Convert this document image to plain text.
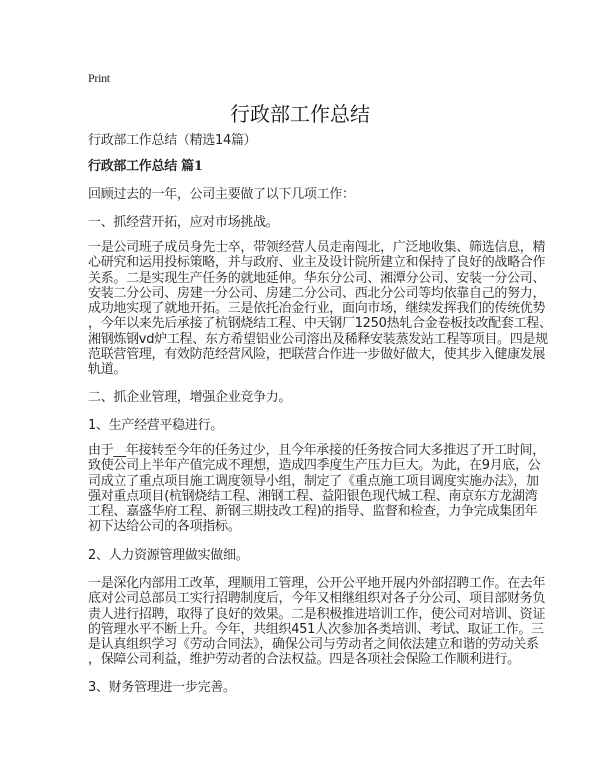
Print
行政部工作总结
行政部工作总结（精选14篇）
行政部工作总结 篇1
回顾过去的一年，公司主要做了以下几项工作：
一、抓经营开拓，应对市场挑战。
一是公司班子成员身先士卒，带领经营人员走南闯北，广泛地收集、筛选信息，精
心研究和运用投标策略，并与政府、业主及设计院所建立和保持了良好的战略合作
关系。二是实现生产任务的就地延伸。华东分公司、湘潭分公司、安装一分公司、
安装二分公司、房建一分公司、房建二分公司、西北分公司等均依靠自己的努力，
成功地实现了就地开拓。三是依托冶金行业，面向市场，继续发挥我们的传统优势
，今年以来先后承接了杭钢烧结工程、中天钢厂1250热轧合金卷板技改配套工程、
湘钢炼钢vd炉工程、东方希望铝业公司溶出及稀释安装蒸发站工程等项目。四是规
范联营管理，有效防范经营风险，把联营合作进一步做好做大，使其步入健康发展
轨道。
二、抓企业管理，增强企业竞争力。
1、生产经营平稳进行。
由于__年接转至今年的任务过少，且今年承接的任务按合同大多推迟了开工时间，
致使公司上半年产值完成不理想，造成四季度生产压力巨大。为此，在9月底，公
司成立了重点项目施工调度领导小组，制定了《重点施工项目调度实施办法》，加
强对重点项目(杭钢烧结工程、湘钢工程、益阳银色现代城工程、南京东方龙湖湾
工程、嘉盛华府工程、新钢三期技改工程)的指导、监督和检查，力争完成集团年
初下达给公司的各项指标。
2、人力资源管理做实做细。
一是深化内部用工改革，理顺用工管理，公开公平地开展内外部招聘工作。在去年
底对公司总部员工实行招聘制度后，今年又相继组织对各子分公司、项目部财务负
责人进行招聘，取得了良好的效果。二是积极推进培训工作，使公司对培训、资证
的管理水平不断上升。今年，共组织451人次参加各类培训、考试、取证工作。三
是认真组织学习《劳动合同法》，确保公司与劳动者之间依法建立和谐的劳动关系
，保障公司利益，维护劳动者的合法权益。四是各项社会保险工作顺利进行。
3、财务管理进一步完善。
